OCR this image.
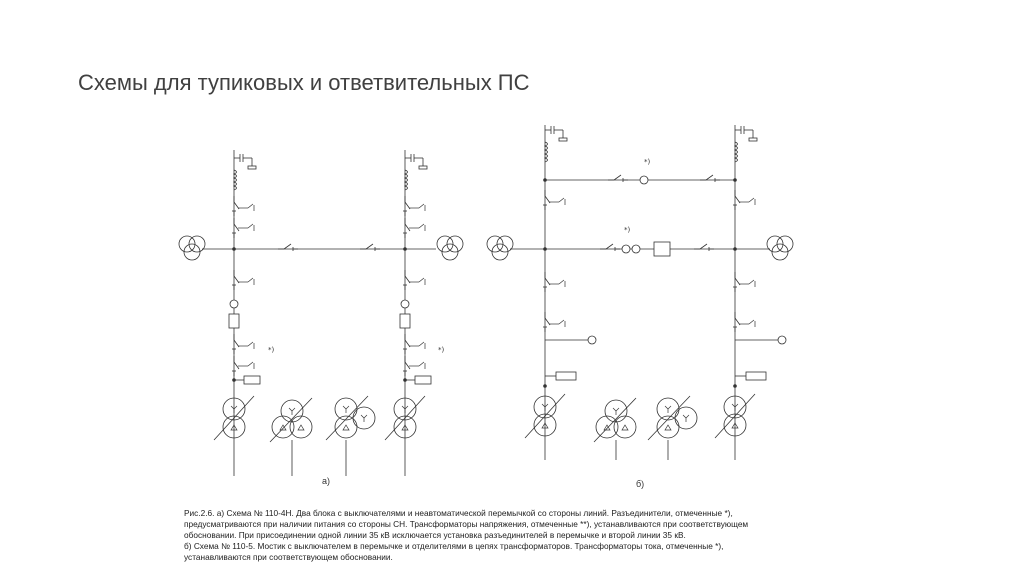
Схемы для тупиковых и ответвительных ПС
*)	*)
*)
*)
а)	б)
Рис.2.6. а) Схема № 110-4Н. Два блока с выключателями и неавтоматической перемычкой со стороны линий. Разъединители, отмеченные *),
предусматриваются при наличии питания со стороны СН. Трансформаторы напряжения, отмеченные **), устанавливаются при соответствующем
обосновании. При присоединении одной линии 35 кВ исключается установка разъединителей в перемычке и второй линии 35 кВ.
б) Схема № 110-5. Мостик с выключателем в перемычке и отделителями в цепях трансформаторов. Трансформаторы тока, отмеченные *),
устанавливаются при соответствующем обосновании.
